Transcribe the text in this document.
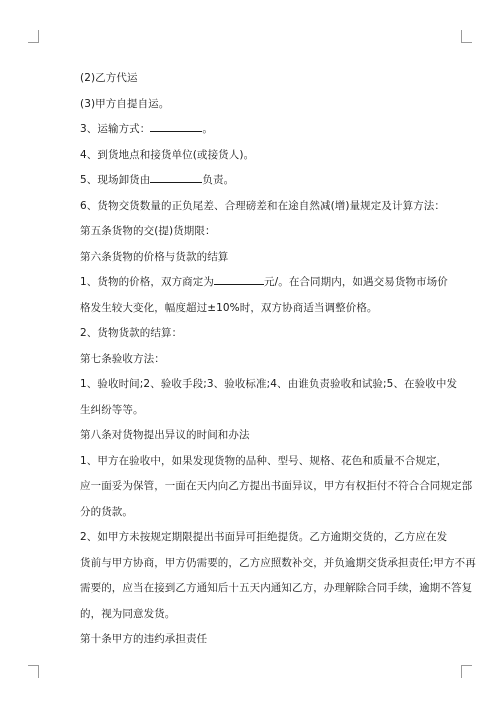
(2)乙方代运

(3)甲方自提自运。

3、运输方式：	。

4、到货地点和接货单位(或接货人)。

5、现场卸货由	负责。

6、货物交货数量的正负尾差、合理磅差和在途自然减(增)量规定及计算方法：

第五条货物的交(提)货期限：

第六条货物的价格与货款的结算

1、货物的价格，双方商定为	元/。在合同期内，如遇交易货物市场价
格发生较大变化，幅度超过±10%时，双方协商适当调整价格。

2、货物货款的结算：

第七条验收方法：

1、验收时间;2、验收手段;3、验收标准;4、由谁负责验收和试验;5、在验收中发
生纠纷等等。

第八条对货物提出异议的时间和办法

1、甲方在验收中，如果发现货物的品种、型号、规格、花色和质量不合规定，
应一面妥为保管，一面在天内向乙方提出书面异议，甲方有权拒付不符合合同规定部
分的货款。

2、如甲方未按规定期限提出书面异可拒绝提货。乙方逾期交货的，乙方应在发
货前与甲方协商，甲方仍需要的，乙方应照数补交，并负逾期交货承担责任;甲方不再
需要的，应当在接到乙方通知后十五天内通知乙方，办理解除合同手续，逾期不答复
的，视为同意发货。

第十条甲方的违约承担责任
